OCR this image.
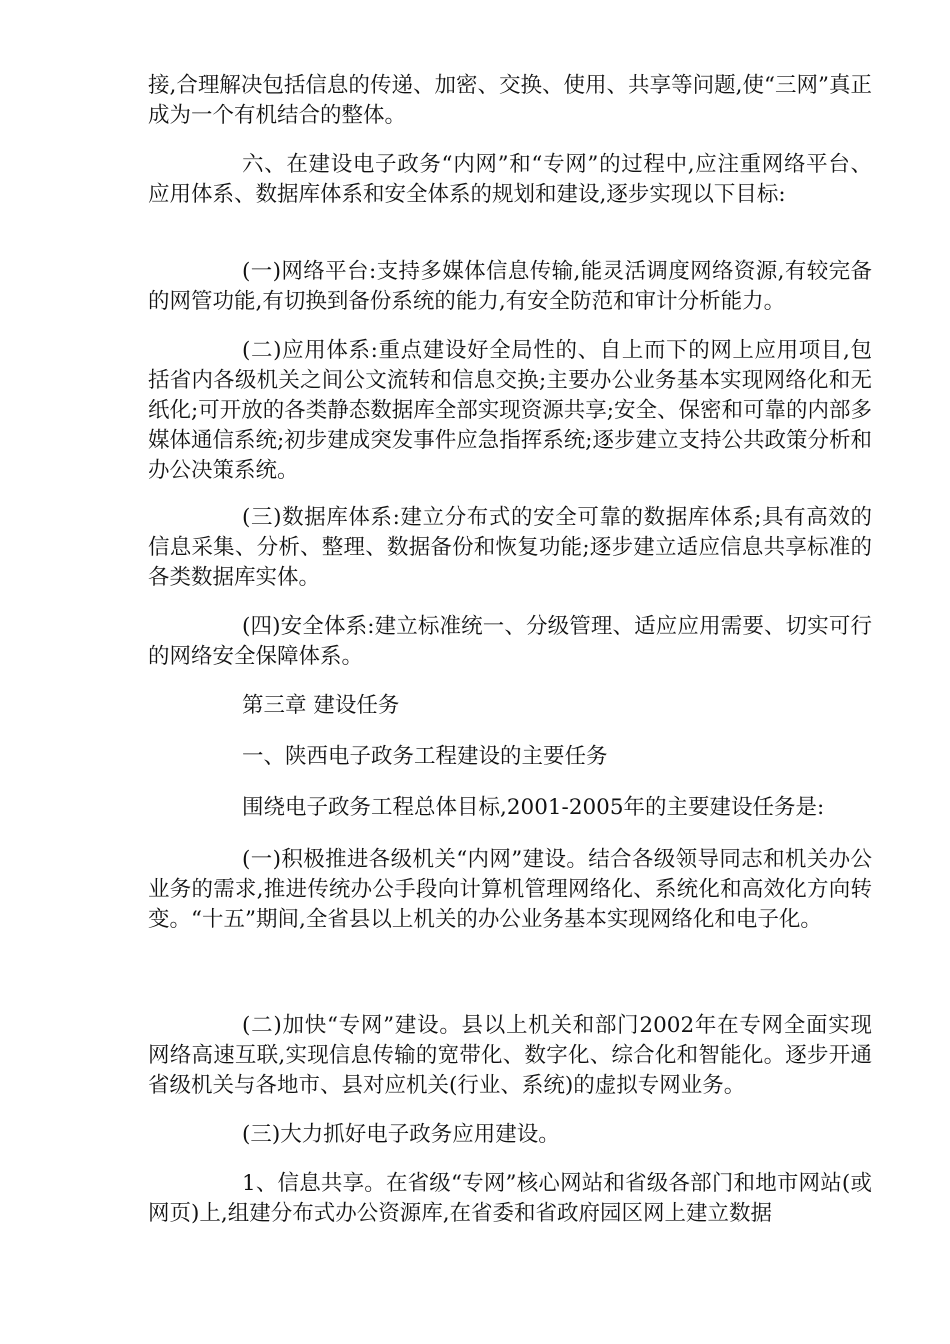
接,合理解决包括信息的传递、加密、交换、使用、共享等问题,使“三网”真正成为一个有机结合的整体。

六、在建设电子政务“内网”和“专网”的过程中,应注重网络平台、应用体系、数据库体系和安全体系的规划和建设,逐步实现以下目标:

(一)网络平台:支持多媒体信息传输,能灵活调度网络资源,有较完备的网管功能,有切换到备份系统的能力,有安全防范和审计分析能力。

(二)应用体系:重点建设好全局性的、自上而下的网上应用项目,包括省内各级机关之间公文流转和信息交换;主要办公业务基本实现网络化和无纸化;可开放的各类静态数据库全部实现资源共享;安全、保密和可靠的内部多媒体通信系统;初步建成突发事件应急指挥系统;逐步建立支持公共政策分析和办公决策系统。

(三)数据库体系:建立分布式的安全可靠的数据库体系;具有高效的信息采集、分析、整理、数据备份和恢复功能;逐步建立适应信息共享标准的各类数据库实体。

(四)安全体系:建立标准统一、分级管理、适应应用需要、切实可行的网络安全保障体系。

第三章 建设任务

一、陕西电子政务工程建设的主要任务

围绕电子政务工程总体目标,2001-2005年的主要建设任务是:

(一)积极推进各级机关“内网”建设。结合各级领导同志和机关办公业务的需求,推进传统办公手段向计算机管理网络化、系统化和高效化方向转变。“十五”期间,全省县以上机关的办公业务基本实现网络化和电子化。

(二)加快“专网”建设。县以上机关和部门2002年在专网全面实现网络高速互联,实现信息传输的宽带化、数字化、综合化和智能化。逐步开通省级机关与各地市、县对应机关(行业、系统)的虚拟专网业务。

(三)大力抓好电子政务应用建设。

1、信息共享。在省级“专网”核心网站和省级各部门和地市网站(或网页)上,组建分布式办公资源库,在省委和省政府园区网上建立数据
